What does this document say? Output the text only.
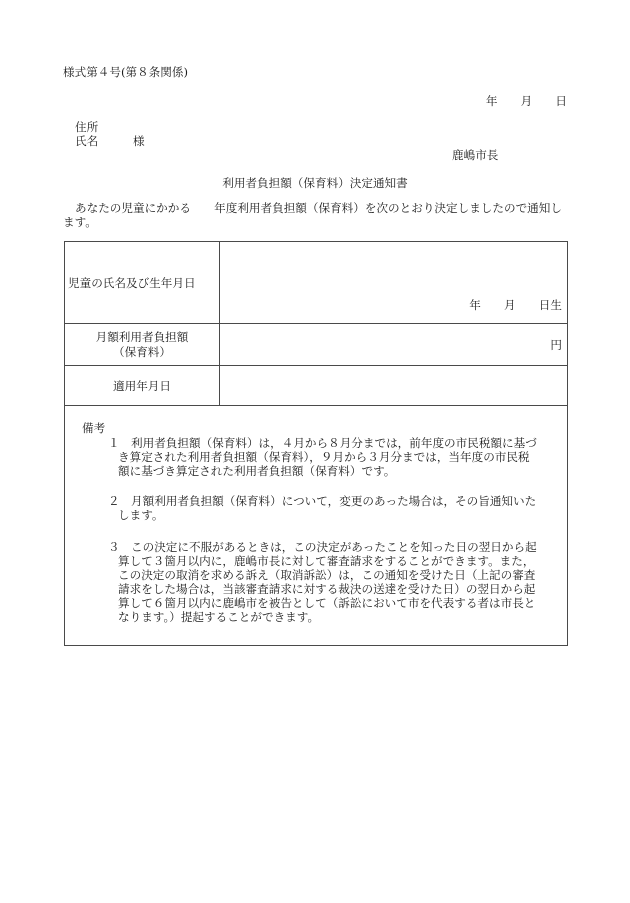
様式第４号(第８条関係)
年　　月　　日
住所
氏名	様
鹿嶋市長
利用者負担額（保育料）決定通知書
あなたの児童にかかる　　年度利用者負担額（保育料）を次のとおり決定しましたので通知し
ます。
児童の氏名及び生年月日
年　　月　　日生
月額利用者負担額
（保育料）	円
適用年月日
備考
１ 利用者負担額（保育料）は，４月から８月分までは，前年度の市民税額に基づ
き算定された利用者負担額（保育料），９月から３月分までは，当年度の市民税
額に基づき算定された利用者負担額（保育料）です。
２ 月額利用者負担額（保育料）について，変更のあった場合は，その旨通知いた
します。
３ この決定に不服があるときは，この決定があったことを知った日の翌日から起
算して３箇月以内に，鹿嶋市長に対して審査請求をすることができます。また，
この決定の取消を求める訴え（取消訴訟）は，この通知を受けた日（上記の審査
請求をした場合は，当該審査請求に対する裁決の送達を受けた日）の翌日から起
算して６箇月以内に鹿嶋市を被告として（訴訟において市を代表する者は市長と
なります。）提起することができます。
